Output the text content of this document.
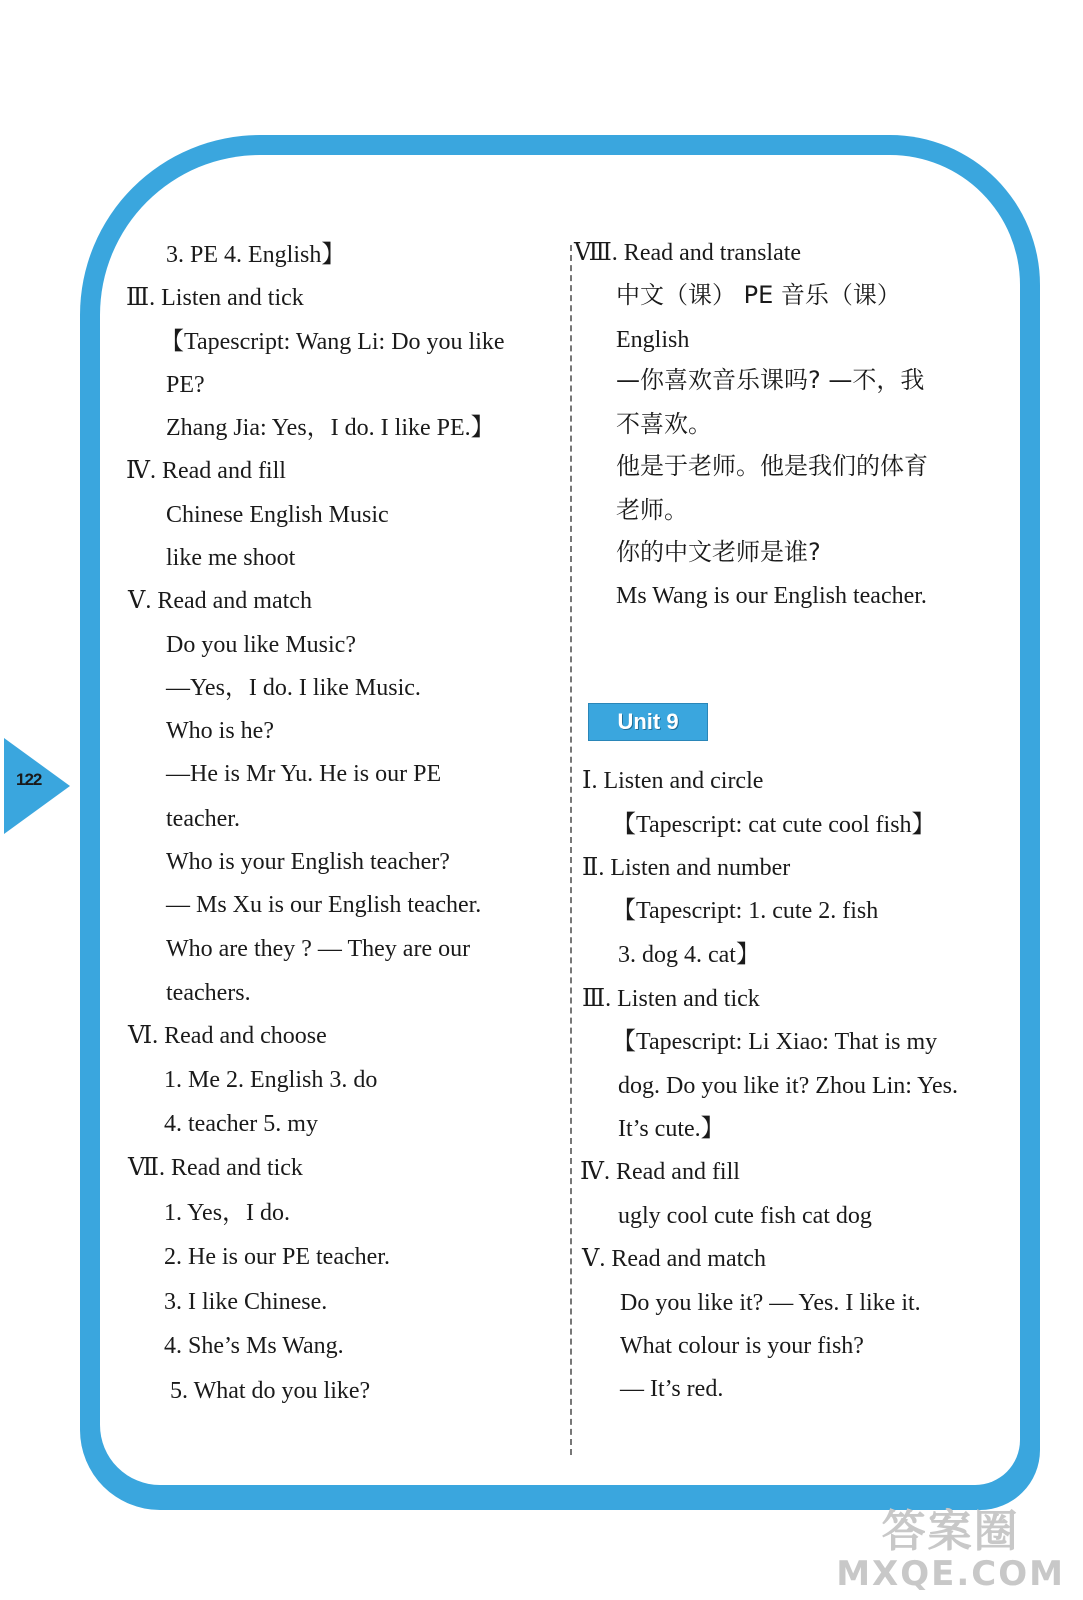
122
3. PE 4. English】
Ⅲ. Listen and tick
【Tapescript: Wang Li: Do you like
PE?
Zhang Jia: Yes，I do. I like PE.】
Ⅳ. Read and fill
Chinese English Music
like me shoot
Ⅴ. Read and match
Do you like Music?
—Yes，I do. I like Music.
Who is he?
—He is Mr Yu. He is our PE
teacher.
Who is your English teacher?
— Ms Xu is our English teacher.
Who are they ? — They are our
teachers.
Ⅵ. Read and choose
1. Me 2. English 3. do
4. teacher 5. my
Ⅶ. Read and tick
1. Yes，I do.
2. He is our PE teacher.
3. I like Chinese.
4. She’s Ms Wang.
5. What do you like?
Ⅷ. Read and translate
中文（课） PE 音乐（课）
English
—你喜欢音乐课吗? —不，我
不喜欢。
他是于老师。他是我们的体育
老师。
你的中文老师是谁?
Ms Wang is our English teacher.
Unit 9
Ⅰ. Listen and circle
【Tapescript: cat cute cool fish】
Ⅱ. Listen and number
【Tapescript: 1. cute 2. fish
3. dog 4. cat】
Ⅲ. Listen and tick
【Tapescript: Li Xiao: That is my
dog. Do you like it? Zhou Lin: Yes.
It’s cute.】
Ⅳ. Read and fill
ugly cool cute fish cat dog
Ⅴ. Read and match
Do you like it? — Yes. I like it.
What colour is your fish?
— It’s red.
答案圈
MXQE.COM
